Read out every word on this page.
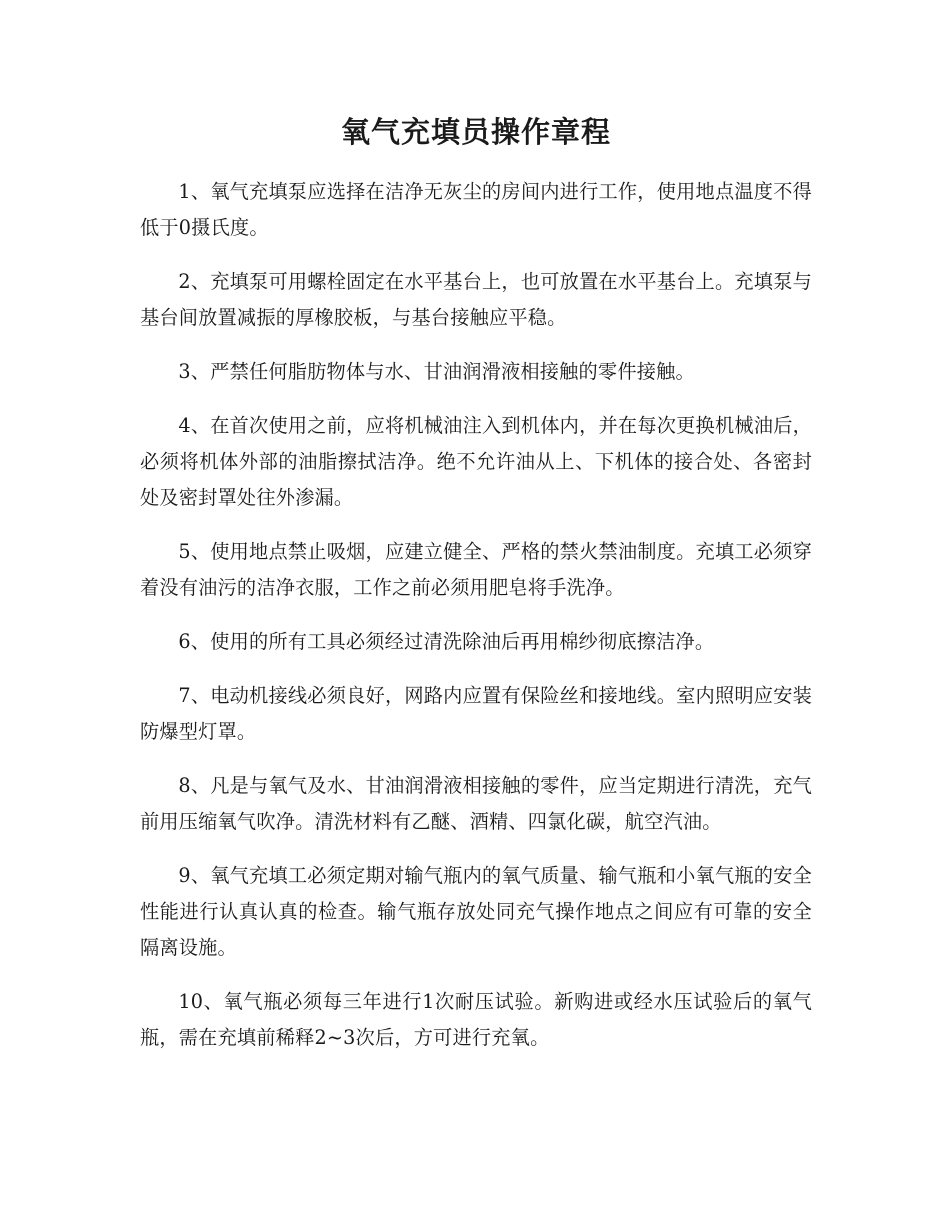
氧气充填员操作章程

1、氧气充填泵应选择在洁净无灰尘的房间内进行工作，使用地点温度不得低于0摄氏度。

2、充填泵可用螺栓固定在水平基台上，也可放置在水平基台上。充填泵与基台间放置减振的厚橡胶板，与基台接触应平稳。

3、严禁任何脂肪物体与水、甘油润滑液相接触的零件接触。

4、在首次使用之前，应将机械油注入到机体内，并在每次更换机械油后，必须将机体外部的油脂擦拭洁净。绝不允许油从上、下机体的接合处、各密封处及密封罩处往外渗漏。

5、使用地点禁止吸烟，应建立健全、严格的禁火禁油制度。充填工必须穿着没有油污的洁净衣服，工作之前必须用肥皂将手洗净。

6、使用的所有工具必须经过清洗除油后再用棉纱彻底擦洁净。

7、电动机接线必须良好，网路内应置有保险丝和接地线。室内照明应安装防爆型灯罩。

8、凡是与氧气及水、甘油润滑液相接触的零件，应当定期进行清洗，充气前用压缩氧气吹净。清洗材料有乙醚、酒精、四氯化碳，航空汽油。

9、氧气充填工必须定期对输气瓶内的氧气质量、输气瓶和小氧气瓶的安全性能进行认真认真的检查。输气瓶存放处同充气操作地点之间应有可靠的安全隔离设施。

10、氧气瓶必须每三年进行1次耐压试验。新购进或经水压试验后的氧气瓶，需在充填前稀释2~3次后，方可进行充氧。
